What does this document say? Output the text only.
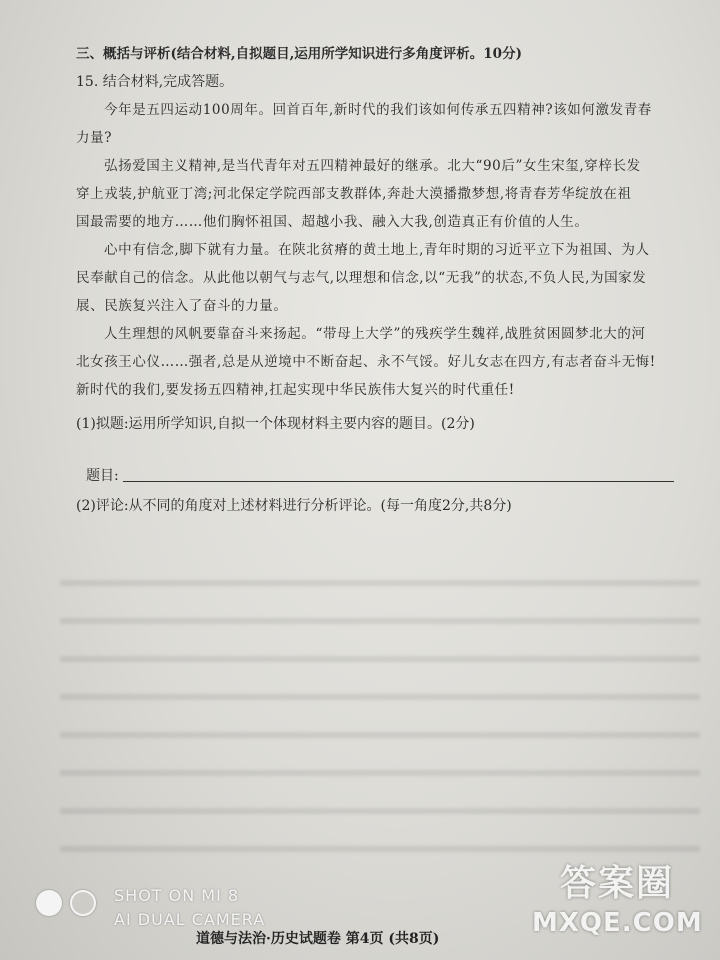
三、概括与评析(结合材料,自拟题目,运用所学知识进行多角度评析。10分)
15. 结合材料,完成答题。
今年是五四运动100周年。回首百年,新时代的我们该如何传承五四精神?该如何激发青春
力量?
弘扬爱国主义精神,是当代青年对五四精神最好的继承。北大“90后”女生宋玺,穿梓长发
穿上戎装,护航亚丁湾;河北保定学院西部支教群体,奔赴大漠播撒梦想,将青春芳华绽放在祖
国最需要的地方……他们胸怀祖国、超越小我、融入大我,创造真正有价值的人生。
心中有信念,脚下就有力量。在陕北贫瘠的黄土地上,青年时期的习近平立下为祖国、为人
民奉献自己的信念。从此他以朝气与志气,以理想和信念,以“无我”的状态,不负人民,为国家发
展、民族复兴注入了奋斗的力量。
人生理想的风帆要靠奋斗来扬起。“带母上大学”的残疾学生魏祥,战胜贫困圆梦北大的河
北女孩王心仪……强者,总是从逆境中不断奋起、永不气馁。好儿女志在四方,有志者奋斗无悔!
新时代的我们,要发扬五四精神,扛起实现中华民族伟大复兴的时代重任!
(1)拟题:运用所学知识,自拟一个体现材料主要内容的题目。(2分)
题目:
(2)评论:从不同的角度对上述材料进行分析评论。(每一角度2分,共8分)
SHOT ON MI 8
AI DUAL CAMERA
答案圈
MXQE.COM
道德与法治·历史试题卷 第4页 (共8页)
